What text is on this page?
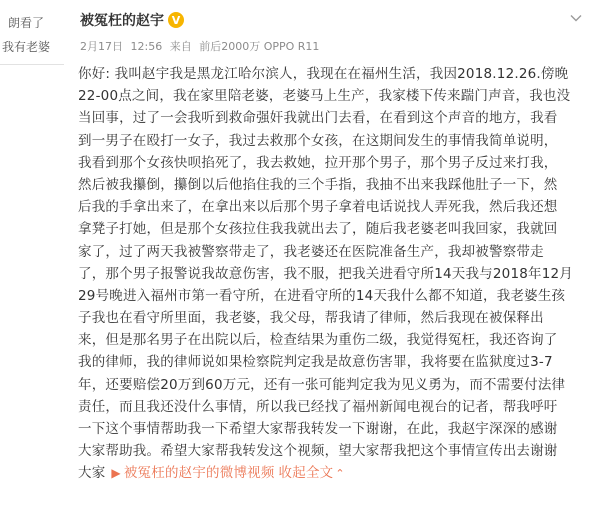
朗看了
我有老婆
被冤枉的赵宇 V
2月17日 12:56 来自 前后2000万 OPPO R11
你好: 我叫赵宇我是黑龙江哈尔滨人，我现在在福州生活，我因2018.12.26.傍晚
22-00点之间，我在家里陪老婆，老婆马上生产，我家楼下传来踹门声音，我也没
当回事，过了一会我听到救命强奸我就出门去看，在看到这个声音的地方，我看
到一男子在殴打一女子，我过去救那个女孩，在这期间发生的事情我简单说明，
我看到那个女孩快呗掐死了，我去救她，拉开那个男子，那个男子反过来打我，
然后被我攥倒，攥倒以后他掐住我的三个手指，我抽不出来我踩他肚子一下，然
后我的手拿出来了，在拿出来以后那个男子拿着电话说找人弄死我，然后我还想
拿凳子打她，但是那个女孩拉住我我就出去了，随后我老婆老叫我回家，我就回
家了，过了两天我被警察带走了，我老婆还在医院准备生产，我却被警察带走
了，那个男子报警说我故意伤害，我不服，把我关进看守所14天我与2018年12月
29号晚进入福州市第一看守所，在进看守所的14天我什么都不知道，我老婆生孩
子我也在看守所里面，我老婆，我父母，帮我请了律师，然后我现在被保释出
来，但是那名男子在出院以后，检查结果为重伤二级，我觉得冤枉，我还咨询了
我的律师，我的律师说如果检察院判定我是故意伤害罪，我将要在监狱度过3-7
年，还要赔偿20万到60万元，还有一张可能判定我为见义勇为，而不需要付法律
责任，而且我还没什么事情，所以我已经找了福州新闻电视台的记者，帮我呼吁
一下这个事情帮助我一下希望大家帮我转发一下谢谢，在此，我赵宇深深的感谢
大家帮助我。希望大家帮我转发这个视频，望大家帮我把这个事情宣传出去谢谢
大家 ▶ 被冤枉的赵宇的微博视频 收起全文 ⌃
